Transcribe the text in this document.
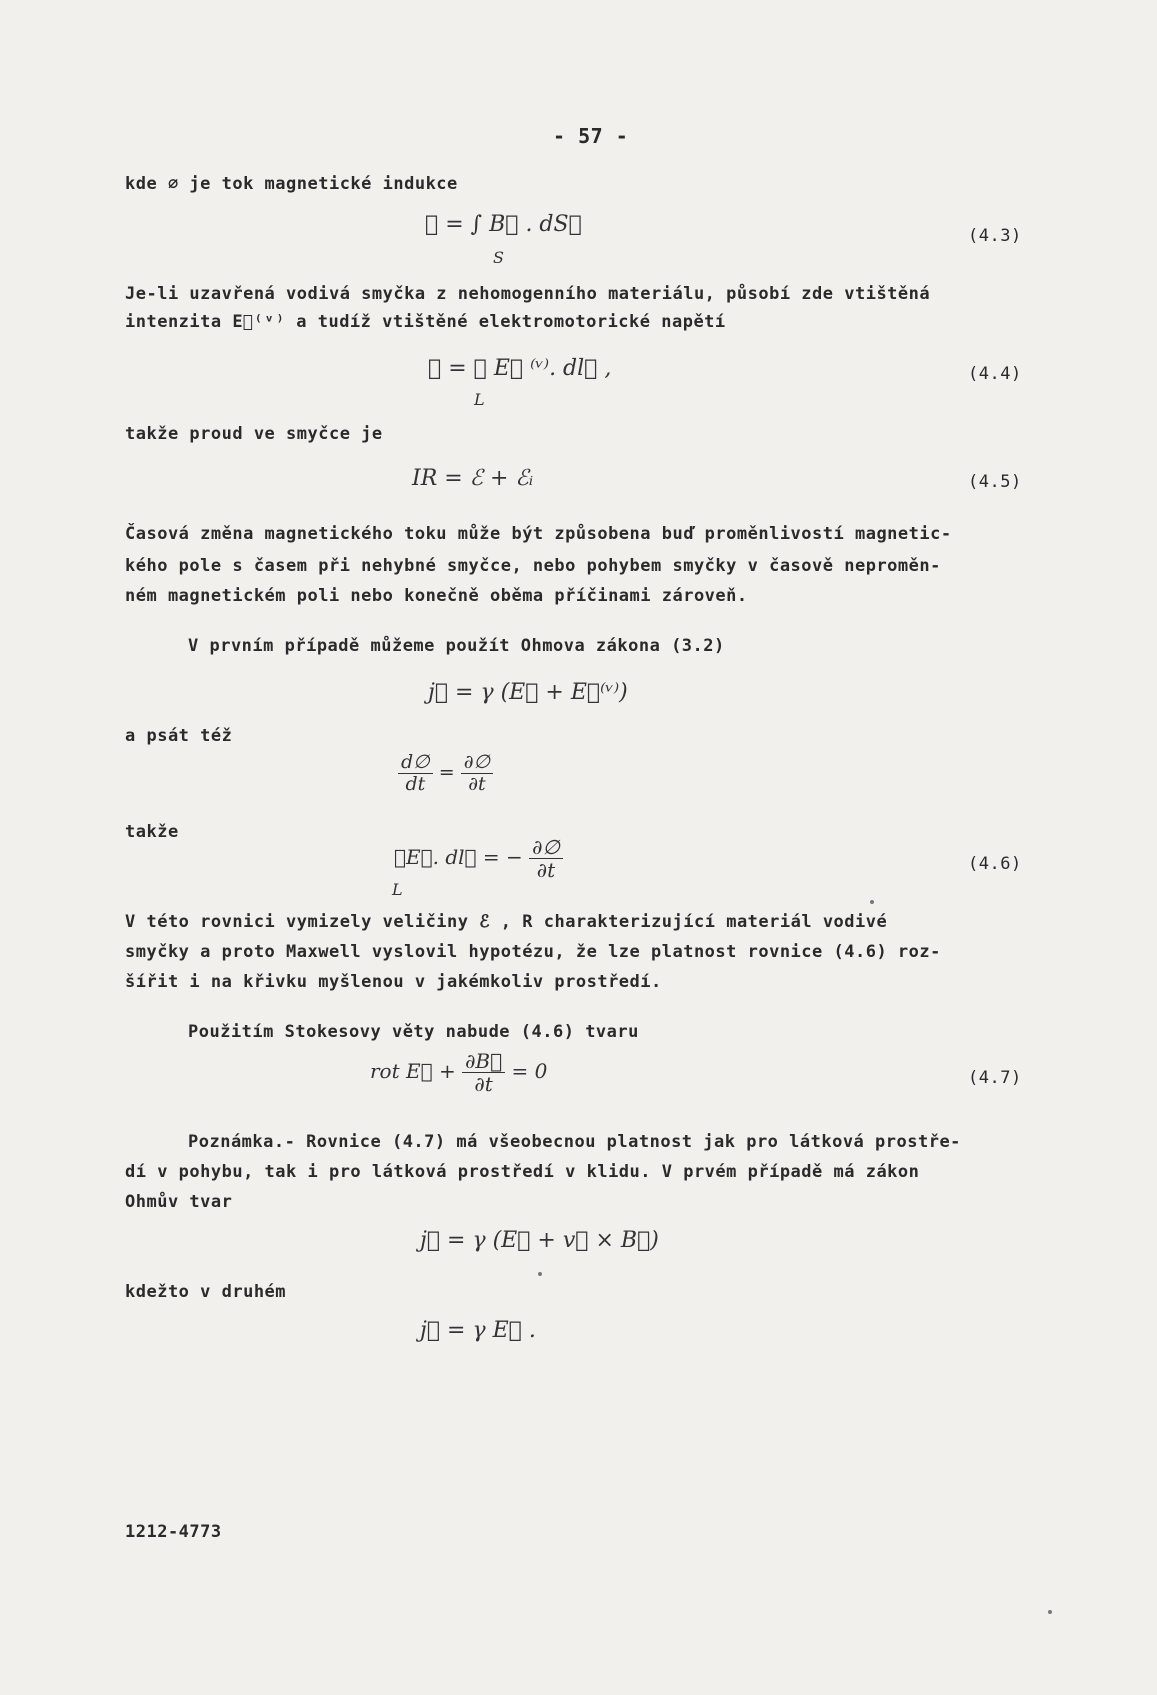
- 57 -
kde ∅ je tok magnetické indukce
∅ = ∫ B⃗ . dS⃗
S
(4.3)
Je-li uzavřená vodivá smyčka z nehomogenního materiálu, působí zde vtištěná
intenzita E⃗⁽ᵛ⁾ a tudíž vtištěné elektromotorické napětí
ℰ = ∮ E⃗ ⁽ᵛ⁾. dl⃗ ,
L
(4.4)
takže proud ve smyčce je
IR = ℰ + ℰᵢ	(4.5)
Časová změna magnetického toku může být způsobena buď proměnlivostí magnetic-
kého pole s časem při nehybné smyčce, nebo pohybem smyčky v časově neproměn-
ném magnetickém poli nebo konečně oběma příčinami zároveň.
V prvním případě můžeme použít Ohmova zákona (3.2)
j⃗ = γ (E⃗ + E⃗⁽ᵛ⁾)
a psát též
$\frac{d\emptyset}{dt} = \frac{\partial\emptyset}{\partial t}$
takže
∮E⃗. dl⃗ = − $\frac{\partial\emptyset}{\partial t}$
L
(4.6)
V této rovnici vymizely veličiny ℰ , R charakterizující materiál vodivé
smyčky a proto Maxwell vyslovil hypotézu, že lze platnost rovnice (4.6) roz-
šířit i na křivku myšlenou v jakémkoliv prostředí.
Použitím Stokesovy věty nabude (4.6) tvaru
rot E⃗ + $\frac{\partial B⃗}{\partial t} = 0$	(4.7)
Poznámka.- Rovnice (4.7) má všeobecnou platnost jak pro látková prostře-
dí v pohybu, tak i pro látková prostředí v klidu. V prvém případě má zákon
Ohmův tvar
j⃗ = γ (E⃗ + v⃗ × B⃗)
kdežto v druhém
j⃗ = γ E⃗ .
1212-4773
